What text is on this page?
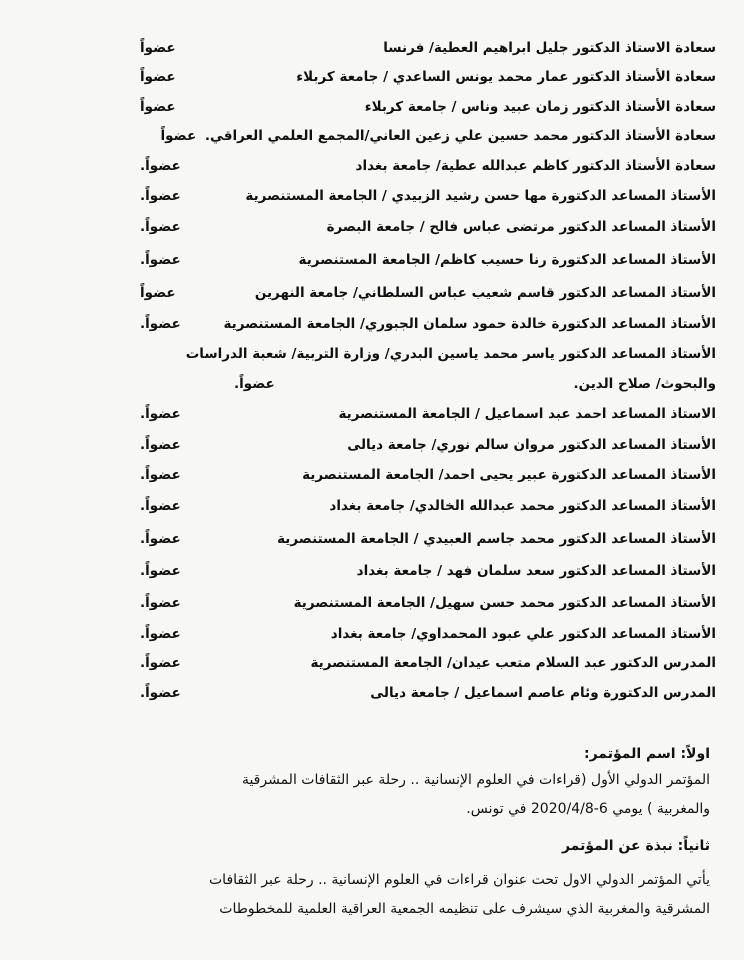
سعادة الاستاذ الدكتور جليل ابراهيم العطية/ فرنسا
عضواً
سعادة الأستاذ الدكتور عمار محمد يونس الساعدي / جامعة كربلاء
عضواً
سعادة الأستاذ الدكتور زمان عبيد وناس / جامعة كربلاء
عضواً
سعادة الأستاذ الدكتور محمد حسين علي زعين العاني/المجمع العلمي العراقي. عضواً
سعادة الأستاذ الدكتور كاظم عبدالله عطية/ جامعة بغداد
عضواً.
الأستاذ المساعد الدكتورة مها حسن رشيد الزبيدي / الجامعة المستنصرية
عضواً.
الأستاذ المساعد الدكتور مرتضى عباس فالح / جامعة البصرة
عضواً.
الأستاذ المساعد الدكتورة رنا حسيب كاظم/ الجامعة المستنصرية
عضواً.
الأستاذ المساعد الدكتور قاسم شعيب عباس السلطاني/ جامعة النهرين
عضواً
الأستاذ المساعد الدكتورة خالدة حمود سلمان الجبوري/ الجامعة المستنصرية
عضواً.
الأستاذ المساعد الدكتور ياسر محمد ياسين البدري/ وزارة التربية/ شعبة الدراسات
والبحوث/ صلاح الدين.
عضواً.
الاستاذ المساعد احمد عبد اسماعيل / الجامعة المستنصرية
عضواً.
الأستاذ المساعد الدكتور مروان سالم نوري/ جامعة ديالى
عضواً.
الأستاذ المساعد الدكتورة عبير يحيى احمد/ الجامعة المستنصرية
عضواً.
الأستاذ المساعد الدكتور محمد عبدالله الخالدي/ جامعة بغداد
عضواً.
الأستاذ المساعد الدكتور محمد جاسم العبيدي / الجامعة المستنصرية
عضواً.
الأستاذ المساعد الدكتور سعد سلمان فهد / جامعة بغداد
عضواً.
الأستاذ المساعد الدكتور محمد حسن سهيل/ الجامعة المستنصرية
عضواً.
الأستاذ المساعد الدكتور علي عبود المحمداوي/ جامعة بغداد
عضواً.
المدرس الدكتور عبد السلام متعب عيدان/ الجامعة المستنصرية
عضواً.
المدرس الدكتورة وئام عاصم اسماعيل / جامعة ديالى
عضواً.
اولاً: اسم المؤتمر:
المؤتمر الدولي الأول (قراءات في العلوم الإنسانية .. رحلة عبر الثقافات المشرقية
والمغربية ) يومي 6-2020/4/8 في تونس.
ثانياً: نبذة عن المؤتمر
يأتي المؤتمر الدولي الاول تحت عنوان قراءات في العلوم الإنسانية .. رحلة عبر الثقافات
المشرقية والمغربية الذي سيشرف على تنظيمه الجمعية العراقية العلمية للمخطوطات
